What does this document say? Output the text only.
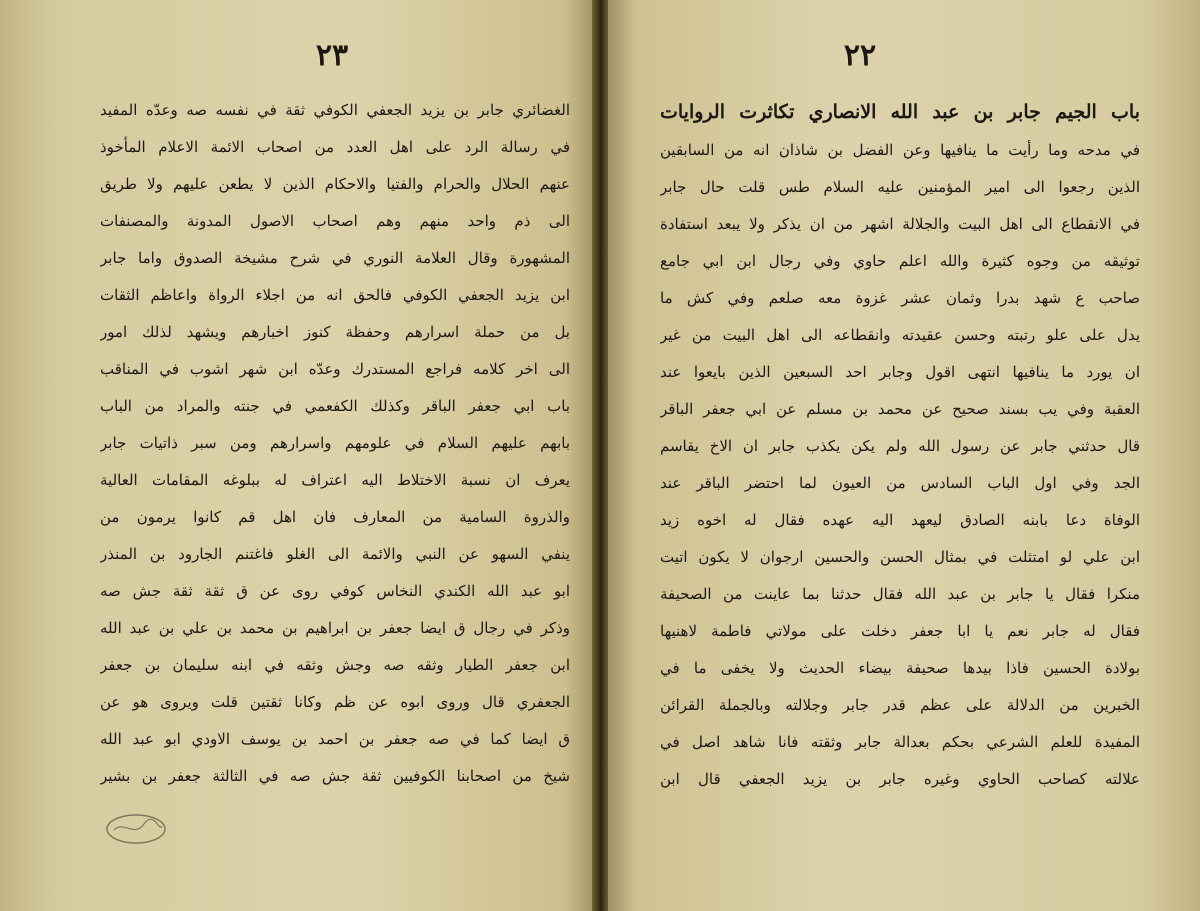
٢٣
الغضائري جابر بن يزيد الجعفي الكوفي ثقة في نفسه صه وعدّه المفيد
في رسالة الرد على اهل العدد من اصحاب الائمة الاعلام المأخوذ
عنهم الحلال والحرام والفتيا والاحكام الذين لا يطعن عليهم ولا طريق
الى ذم واحد منهم وهم اصحاب الاصول المدونة والمصنفات
المشهورة وقال العلامة النوري في شرح مشيخة الصدوق واما جابر
ابن يزيد الجعفي الكوفي فالحق انه من اجلاء الرواة واعاظم الثقات
بل من حملة اسرارهم وحفظة كنوز اخبارهم ويشهد لذلك امور
الى اخر كلامه فراجع المستدرك وعدّه ابن شهر اشوب في المناقب
باب ابي جعفر الباقر وكذلك الكفعمي في جنته والمراد من الباب
بابهم عليهم السلام في علومهم واسرارهم ومن سبر ذاتيات جابر
يعرف ان نسبة الاختلاط اليه اعتراف له ببلوغه المقامات العالية
والذروة السامية من المعارف فان اهل قم كانوا يرمون من
ينفي السهو عن النبي والائمة الى الغلو فاغتنم الجارود بن المنذر
ابو عبد الله الكندي النخاس كوفي روى عن ق ثقة ثقة جش صه
وذكر في رجال ق ايضا جعفر بن ابراهيم بن محمد بن علي بن عبد الله
ابن جعفر الطيار وثقه صه وجش وثقه في ابنه سليمان بن جعفر
الجعفري قال وروى ابوه عن ظم وكانا ثقتين قلت ويروى هو عن
ق ايضا كما في صه جعفر بن احمد بن يوسف الاودي ابو عبد الله
شيخ من اصحابنا الكوفيين ثقة جش صه في الثالثة جعفر بن بشير
٢٢
باب الجيم جابر بن عبد الله الانصاري تكاثرت الروايات
في مدحه وما رأيت ما ينافيها وعن الفضل بن شاذان انه من السابقين
الذين رجعوا الى امير المؤمنين عليه السلام طس قلت حال جابر
في الانقطاع الى اهل البيت والجلالة اشهر من ان يذكر ولا يبعد استفادة
توثيقه من وجوه كثيرة والله اعلم حاوي وفي رجال ابن ابي جامع
صاحب ع شهد بدرا وثمان عشر غزوة معه صلعم وفي كش ما
يدل على علو رتبته وحسن عقيدته وانقطاعه الى اهل البيت من غير
ان يورد ما ينافيها انتهى اقول وجابر احد السبعين الذين بايعوا عند
العقبة وفي يب بسند صحيح عن محمد بن مسلم عن ابي جعفر الباقر
قال حدثني جابر عن رسول الله ولم يكن يكذب جابر ان الاخ يقاسم
الجد وفي اول الباب السادس من العيون لما احتضر الباقر عند
الوفاة دعا بابنه الصادق ليعهد اليه عهده فقال له اخوه زيد
ابن علي لو امتثلت في بمثال الحسن والحسين ارجوان لا يكون اتيت
منكرا فقال يا جابر بن عبد الله فقال حدثنا بما عاينت من الصحيفة
فقال له جابر نعم يا ابا جعفر دخلت على مولاتي فاطمة لاهنيها
بولادة الحسين فاذا بيدها صحيفة بيضاء الحديث ولا يخفى ما في
الخبرين من الدلالة على عظم قدر جابر وجلالته وبالجملة القرائن
المفيدة للعلم الشرعي بحكم بعدالة جابر وثقته فانا شاهد اصل في
علالته كصاحب الحاوي وغيره جابر بن يزيد الجعفي قال ابن
